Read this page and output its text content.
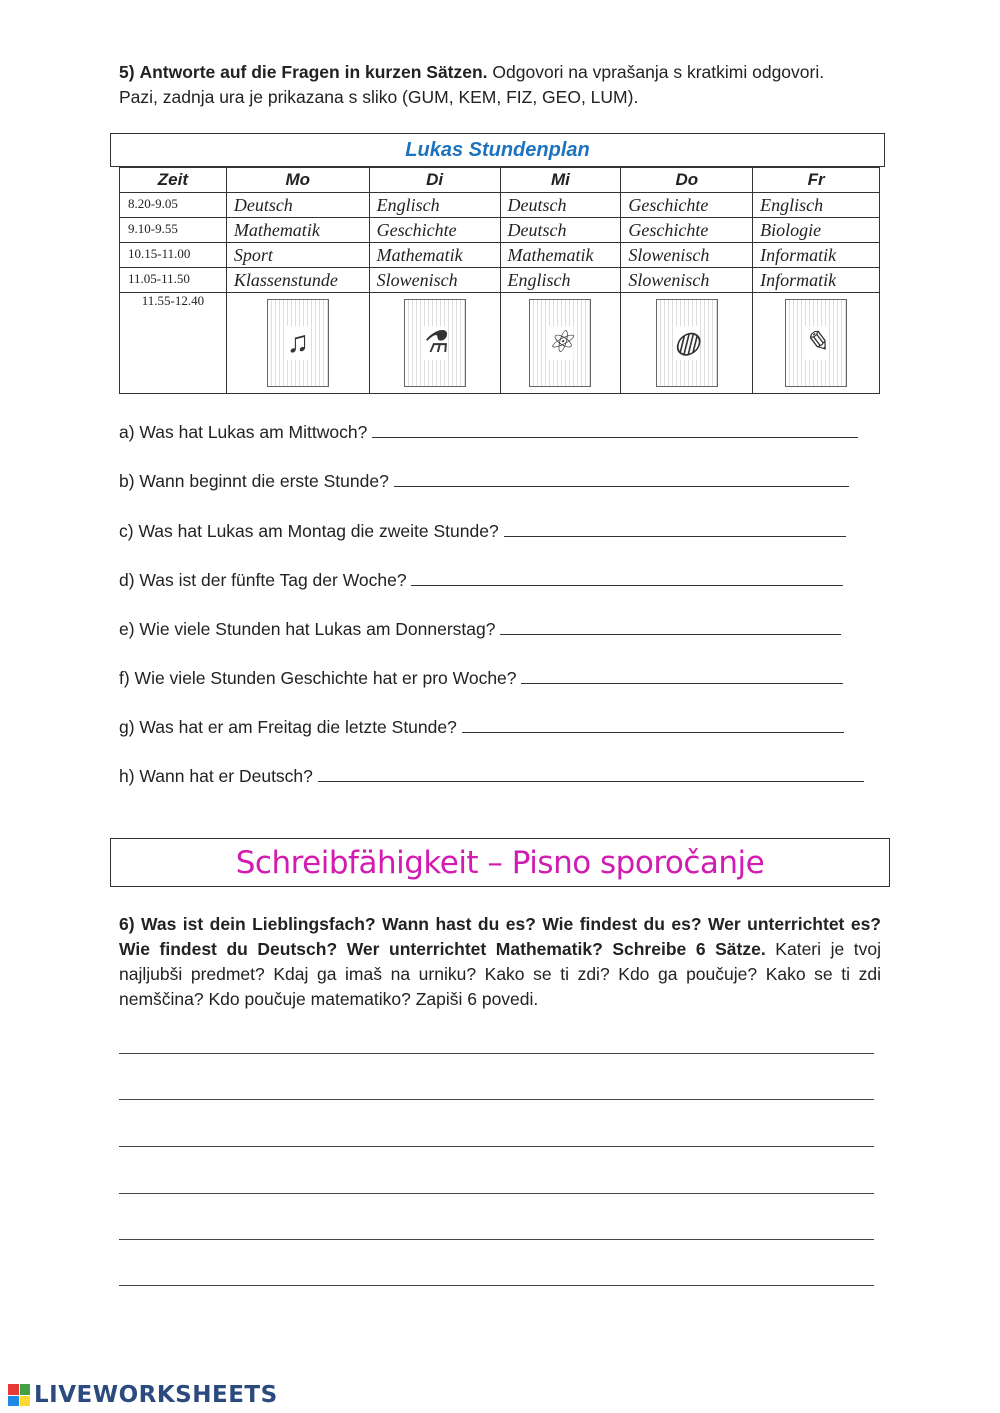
5) Antworte auf die Fragen in kurzen Sätzen. Odgovori na vprašanja s kratkimi odgovori.
Pazi, zadnja ura je prikazana s sliko (GUM, KEM, FIZ, GEO, LUM).
Lukas Stundenplan
Zeit	Mo	Di	Mi	Do	Fr
8.20-9.05	Deutsch	Englisch	Deutsch	Geschichte	Englisch
9.10-9.55	Mathematik	Geschichte	Deutsch	Geschichte	Biologie
10.15-11.00	Sport	Mathematik	Mathematik	Slowenisch	Informatik
11.05-11.50	Klassenstunde	Slowenisch	Englisch	Slowenisch	Informatik
11.55-12.40	♫	⚗	⚛	◍	✎
a) Was hat Lukas am Mittwoch?
b) Wann beginnt die erste Stunde?
c) Was hat Lukas am Montag die zweite Stunde?
d) Was ist der fünfte Tag der Woche?
e) Wie viele Stunden hat Lukas am Donnerstag?
f) Wie viele Stunden Geschichte hat er pro Woche?
g) Was hat er am Freitag die letzte Stunde?
h) Wann hat er Deutsch?
Schreibfähigkeit – Pisno sporočanje
6) Was ist dein Lieblingsfach? Wann hast du es? Wie findest du es? Wer unterrichtet es? Wie findest du Deutsch? Wer unterrichtet Mathematik? Schreibe 6 Sätze. Kateri je tvoj najljubši predmet? Kdaj ga imaš na urniku? Kako se ti zdi? Kdo ga poučuje? Kako se ti zdi nemščina? Kdo poučuje matematiko? Zapiši 6 povedi.
LIVEWORKSHEETS
